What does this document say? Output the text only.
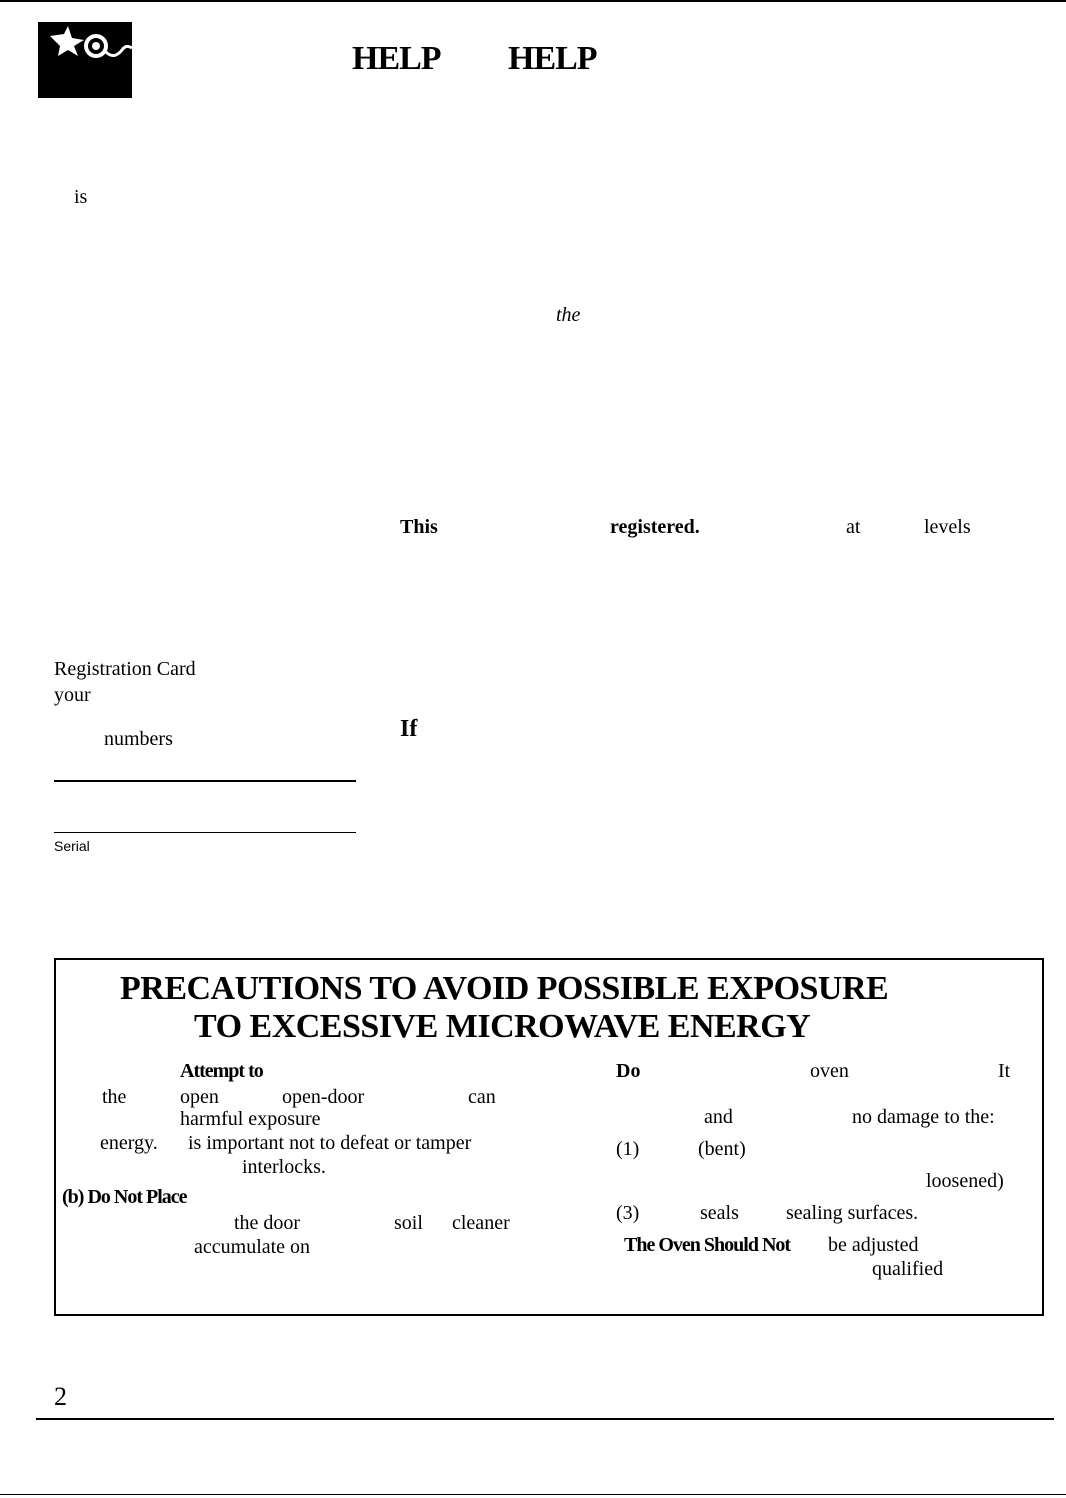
HELP HELP
is
the
This	registered.	at	levels
If
Registration Card
your
numbers
Serial
PRECAUTIONS TO AVOID POSSIBLE EXPOSURE
TO EXCESSIVE MICROWAVE ENERGY
Attempt to
the	open	open-door	can
harmful exposure
energy. is important not to defeat or tamper
interlocks.
(b) Do Not Place
the door	soil cleaner
accumulate on
Do	oven	It
and	no damage to the:
(1)	(bent)
loosened)
(3)	seals sealing surfaces.
The Oven Should Not be adjusted
qualified
2
